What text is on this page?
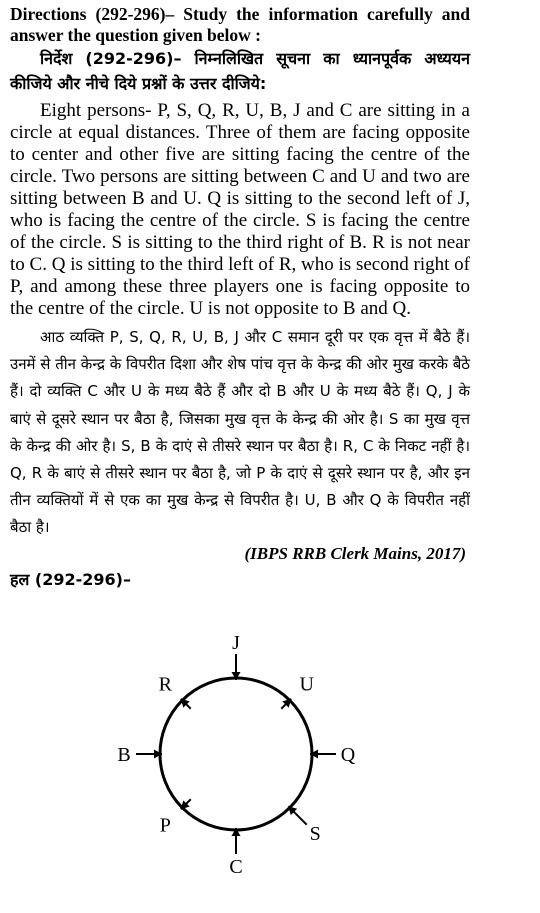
Directions (292-296)– Study the information carefully and answer the question given below :

निर्देश (292-296)– निम्नलिखित सूचना का ध्यानपूर्वक अध्ययन कीजिये और नीचे दिये प्रश्नों के उत्तर दीजिये:

Eight persons- P, S, Q, R, U, B, J and C are sitting in a circle at equal distances. Three of them are facing opposite to center and other five are sitting facing the centre of the circle. Two persons are sitting between C and U and two are sitting between B and U. Q is sitting to the second left of J, who is facing the centre of the circle. S is facing the centre of the circle. S is sitting to the third right of B. R is not near to C. Q is sitting to the third left of R, who is second right of P, and among these three players one is facing opposite to the centre of the circle. U is not opposite to B and Q.

आठ व्यक्ति P, S, Q, R, U, B, J और C समान दूरी पर एक वृत्त में बैठे हैं। उनमें से तीन केन्द्र के विपरीत दिशा और शेष पांच वृत्त के केन्द्र की ओर मुख करके बैठे हैं। दो व्यक्ति C और U के मध्य बैठे हैं और दो B और U के मध्य बैठे हैं। Q, J के बाएं से दूसरे स्थान पर बैठा है, जिसका मुख वृत्त के केन्द्र की ओर है। S का मुख वृत्त के केन्द्र की ओर है। S, B के दाएं से तीसरे स्थान पर बैठा है। R, C के निकट नहीं है। Q, R के बाएं से तीसरे स्थान पर बैठा है, जो P के दाएं से दूसरे स्थान पर है, और इन तीन व्यक्तियों में से एक का मुख केन्द्र से विपरीत है। U, B और Q के विपरीत नहीं बैठा है।

(IBPS RRB Clerk Mains, 2017)

हल (292-296)–

J
U
Q
S
C
P
B
R
